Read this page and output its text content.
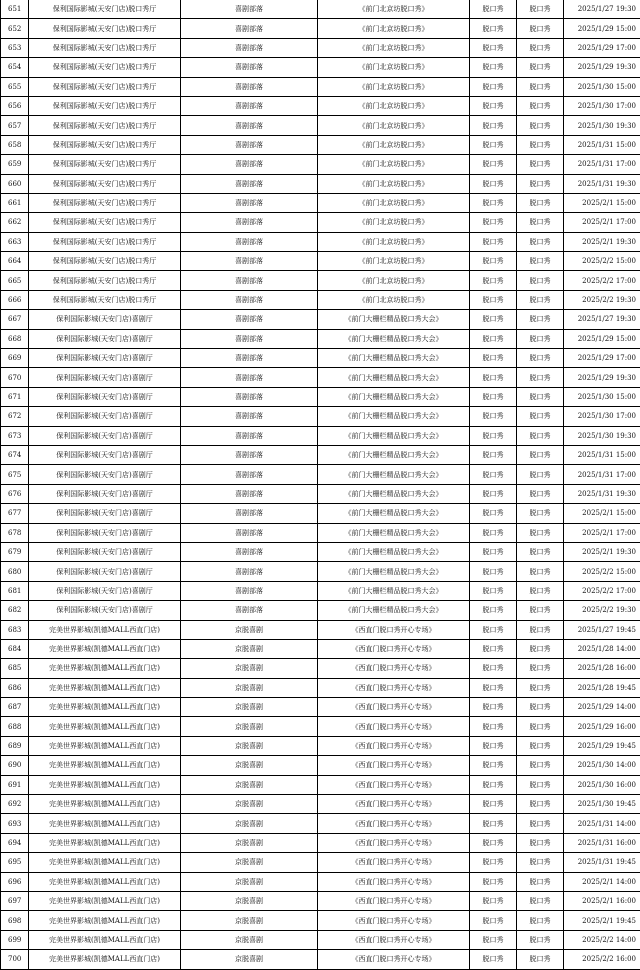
651	保利国际影城(天安门店)脱口秀厅	喜剧部落	《前门北京坊脱口秀》	脱口秀	脱口秀	2025/1/27 19:30
652	保利国际影城(天安门店)脱口秀厅	喜剧部落	《前门北京坊脱口秀》	脱口秀	脱口秀	2025/1/29 15:00
653	保利国际影城(天安门店)脱口秀厅	喜剧部落	《前门北京坊脱口秀》	脱口秀	脱口秀	2025/1/29 17:00
654	保利国际影城(天安门店)脱口秀厅	喜剧部落	《前门北京坊脱口秀》	脱口秀	脱口秀	2025/1/29 19:30
655	保利国际影城(天安门店)脱口秀厅	喜剧部落	《前门北京坊脱口秀》	脱口秀	脱口秀	2025/1/30 15:00
656	保利国际影城(天安门店)脱口秀厅	喜剧部落	《前门北京坊脱口秀》	脱口秀	脱口秀	2025/1/30 17:00
657	保利国际影城(天安门店)脱口秀厅	喜剧部落	《前门北京坊脱口秀》	脱口秀	脱口秀	2025/1/30 19:30
658	保利国际影城(天安门店)脱口秀厅	喜剧部落	《前门北京坊脱口秀》	脱口秀	脱口秀	2025/1/31 15:00
659	保利国际影城(天安门店)脱口秀厅	喜剧部落	《前门北京坊脱口秀》	脱口秀	脱口秀	2025/1/31 17:00
660	保利国际影城(天安门店)脱口秀厅	喜剧部落	《前门北京坊脱口秀》	脱口秀	脱口秀	2025/1/31 19:30
661	保利国际影城(天安门店)脱口秀厅	喜剧部落	《前门北京坊脱口秀》	脱口秀	脱口秀	2025/2/1 15:00
662	保利国际影城(天安门店)脱口秀厅	喜剧部落	《前门北京坊脱口秀》	脱口秀	脱口秀	2025/2/1 17:00
663	保利国际影城(天安门店)脱口秀厅	喜剧部落	《前门北京坊脱口秀》	脱口秀	脱口秀	2025/2/1 19:30
664	保利国际影城(天安门店)脱口秀厅	喜剧部落	《前门北京坊脱口秀》	脱口秀	脱口秀	2025/2/2 15:00
665	保利国际影城(天安门店)脱口秀厅	喜剧部落	《前门北京坊脱口秀》	脱口秀	脱口秀	2025/2/2 17:00
666	保利国际影城(天安门店)脱口秀厅	喜剧部落	《前门北京坊脱口秀》	脱口秀	脱口秀	2025/2/2 19:30
667	保利国际影城(天安门店)喜剧厅	喜剧部落	《前门大栅栏精品脱口秀大会》	脱口秀	脱口秀	2025/1/27 19:30
668	保利国际影城(天安门店)喜剧厅	喜剧部落	《前门大栅栏精品脱口秀大会》	脱口秀	脱口秀	2025/1/29 15:00
669	保利国际影城(天安门店)喜剧厅	喜剧部落	《前门大栅栏精品脱口秀大会》	脱口秀	脱口秀	2025/1/29 17:00
670	保利国际影城(天安门店)喜剧厅	喜剧部落	《前门大栅栏精品脱口秀大会》	脱口秀	脱口秀	2025/1/29 19:30
671	保利国际影城(天安门店)喜剧厅	喜剧部落	《前门大栅栏精品脱口秀大会》	脱口秀	脱口秀	2025/1/30 15:00
672	保利国际影城(天安门店)喜剧厅	喜剧部落	《前门大栅栏精品脱口秀大会》	脱口秀	脱口秀	2025/1/30 17:00
673	保利国际影城(天安门店)喜剧厅	喜剧部落	《前门大栅栏精品脱口秀大会》	脱口秀	脱口秀	2025/1/30 19:30
674	保利国际影城(天安门店)喜剧厅	喜剧部落	《前门大栅栏精品脱口秀大会》	脱口秀	脱口秀	2025/1/31 15:00
675	保利国际影城(天安门店)喜剧厅	喜剧部落	《前门大栅栏精品脱口秀大会》	脱口秀	脱口秀	2025/1/31 17:00
676	保利国际影城(天安门店)喜剧厅	喜剧部落	《前门大栅栏精品脱口秀大会》	脱口秀	脱口秀	2025/1/31 19:30
677	保利国际影城(天安门店)喜剧厅	喜剧部落	《前门大栅栏精品脱口秀大会》	脱口秀	脱口秀	2025/2/1 15:00
678	保利国际影城(天安门店)喜剧厅	喜剧部落	《前门大栅栏精品脱口秀大会》	脱口秀	脱口秀	2025/2/1 17:00
679	保利国际影城(天安门店)喜剧厅	喜剧部落	《前门大栅栏精品脱口秀大会》	脱口秀	脱口秀	2025/2/1 19:30
680	保利国际影城(天安门店)喜剧厅	喜剧部落	《前门大栅栏精品脱口秀大会》	脱口秀	脱口秀	2025/2/2 15:00
681	保利国际影城(天安门店)喜剧厅	喜剧部落	《前门大栅栏精品脱口秀大会》	脱口秀	脱口秀	2025/2/2 17:00
682	保利国际影城(天安门店)喜剧厅	喜剧部落	《前门大栅栏精品脱口秀大会》	脱口秀	脱口秀	2025/2/2 19:30
683	完美世界影城(凯德MALL西直门店)	京脱喜剧	《西直门脱口秀开心专场》	脱口秀	脱口秀	2025/1/27 19:45
684	完美世界影城(凯德MALL西直门店)	京脱喜剧	《西直门脱口秀开心专场》	脱口秀	脱口秀	2025/1/28 14:00
685	完美世界影城(凯德MALL西直门店)	京脱喜剧	《西直门脱口秀开心专场》	脱口秀	脱口秀	2025/1/28 16:00
686	完美世界影城(凯德MALL西直门店)	京脱喜剧	《西直门脱口秀开心专场》	脱口秀	脱口秀	2025/1/28 19:45
687	完美世界影城(凯德MALL西直门店)	京脱喜剧	《西直门脱口秀开心专场》	脱口秀	脱口秀	2025/1/29 14:00
688	完美世界影城(凯德MALL西直门店)	京脱喜剧	《西直门脱口秀开心专场》	脱口秀	脱口秀	2025/1/29 16:00
689	完美世界影城(凯德MALL西直门店)	京脱喜剧	《西直门脱口秀开心专场》	脱口秀	脱口秀	2025/1/29 19:45
690	完美世界影城(凯德MALL西直门店)	京脱喜剧	《西直门脱口秀开心专场》	脱口秀	脱口秀	2025/1/30 14:00
691	完美世界影城(凯德MALL西直门店)	京脱喜剧	《西直门脱口秀开心专场》	脱口秀	脱口秀	2025/1/30 16:00
692	完美世界影城(凯德MALL西直门店)	京脱喜剧	《西直门脱口秀开心专场》	脱口秀	脱口秀	2025/1/30 19:45
693	完美世界影城(凯德MALL西直门店)	京脱喜剧	《西直门脱口秀开心专场》	脱口秀	脱口秀	2025/1/31 14:00
694	完美世界影城(凯德MALL西直门店)	京脱喜剧	《西直门脱口秀开心专场》	脱口秀	脱口秀	2025/1/31 16:00
695	完美世界影城(凯德MALL西直门店)	京脱喜剧	《西直门脱口秀开心专场》	脱口秀	脱口秀	2025/1/31 19:45
696	完美世界影城(凯德MALL西直门店)	京脱喜剧	《西直门脱口秀开心专场》	脱口秀	脱口秀	2025/2/1 14:00
697	完美世界影城(凯德MALL西直门店)	京脱喜剧	《西直门脱口秀开心专场》	脱口秀	脱口秀	2025/2/1 16:00
698	完美世界影城(凯德MALL西直门店)	京脱喜剧	《西直门脱口秀开心专场》	脱口秀	脱口秀	2025/2/1 19:45
699	完美世界影城(凯德MALL西直门店)	京脱喜剧	《西直门脱口秀开心专场》	脱口秀	脱口秀	2025/2/2 14:00
700	完美世界影城(凯德MALL西直门店)	京脱喜剧	《西直门脱口秀开心专场》	脱口秀	脱口秀	2025/2/2 16:00
